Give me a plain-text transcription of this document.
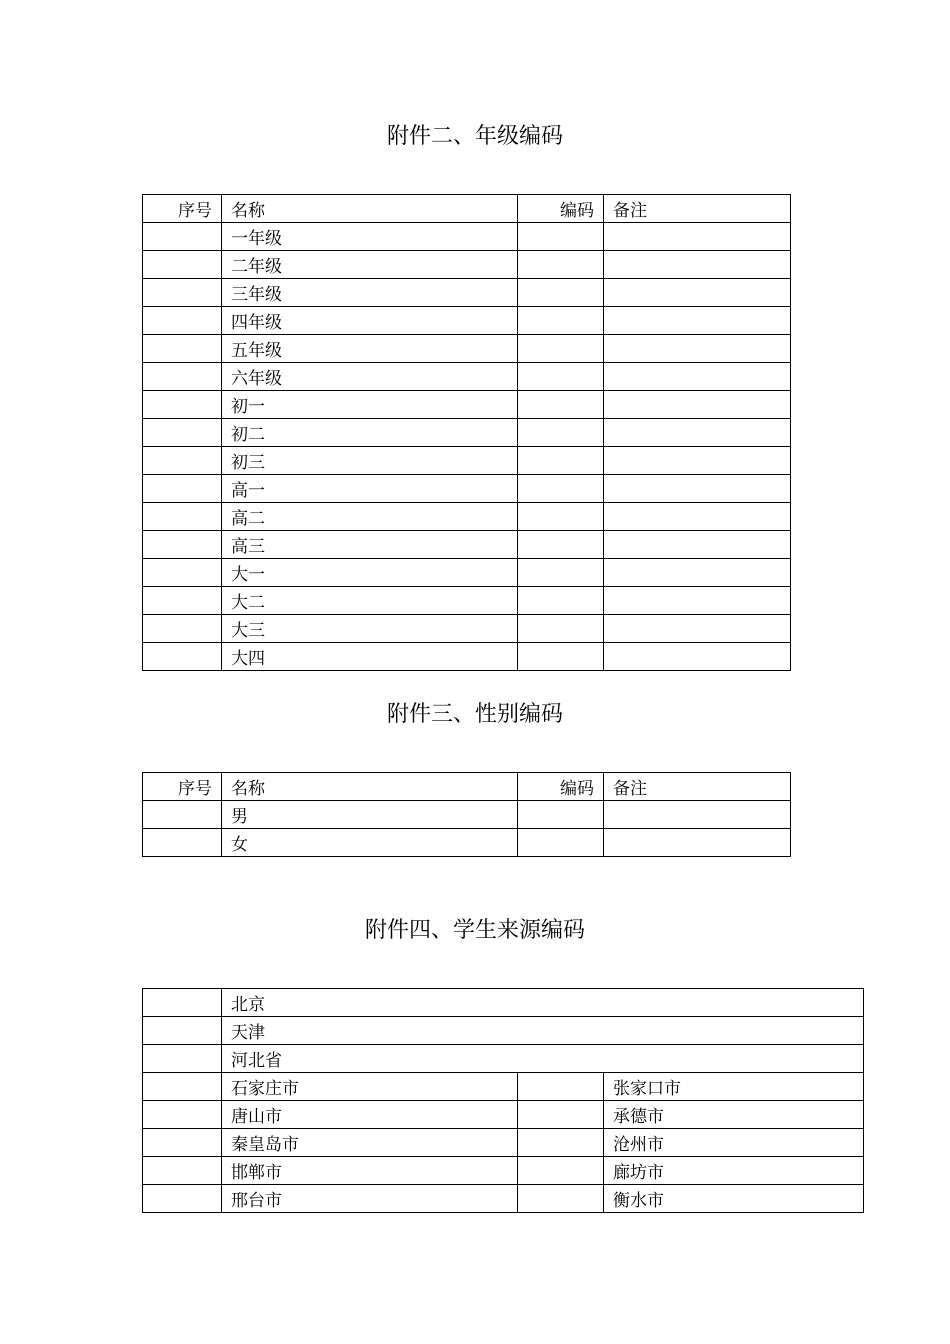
附件二、年级编码
序号	名称	编码	备注
	一年级		
	二年级		
	三年级		
	四年级		
	五年级		
	六年级		
	初一		
	初二		
	初三		
	高一		
	高二		
	高三		
	大一		
	大二		
	大三		
	大四		
附件三、性别编码
序号	名称	编码	备注
	男		
	女		
附件四、学生来源编码
	北京		
	天津		
	河北省		
	石家庄市		张家口市
	唐山市		承德市
	秦皇岛市		沧州市
	邯郸市		廊坊市
	邢台市		衡水市
